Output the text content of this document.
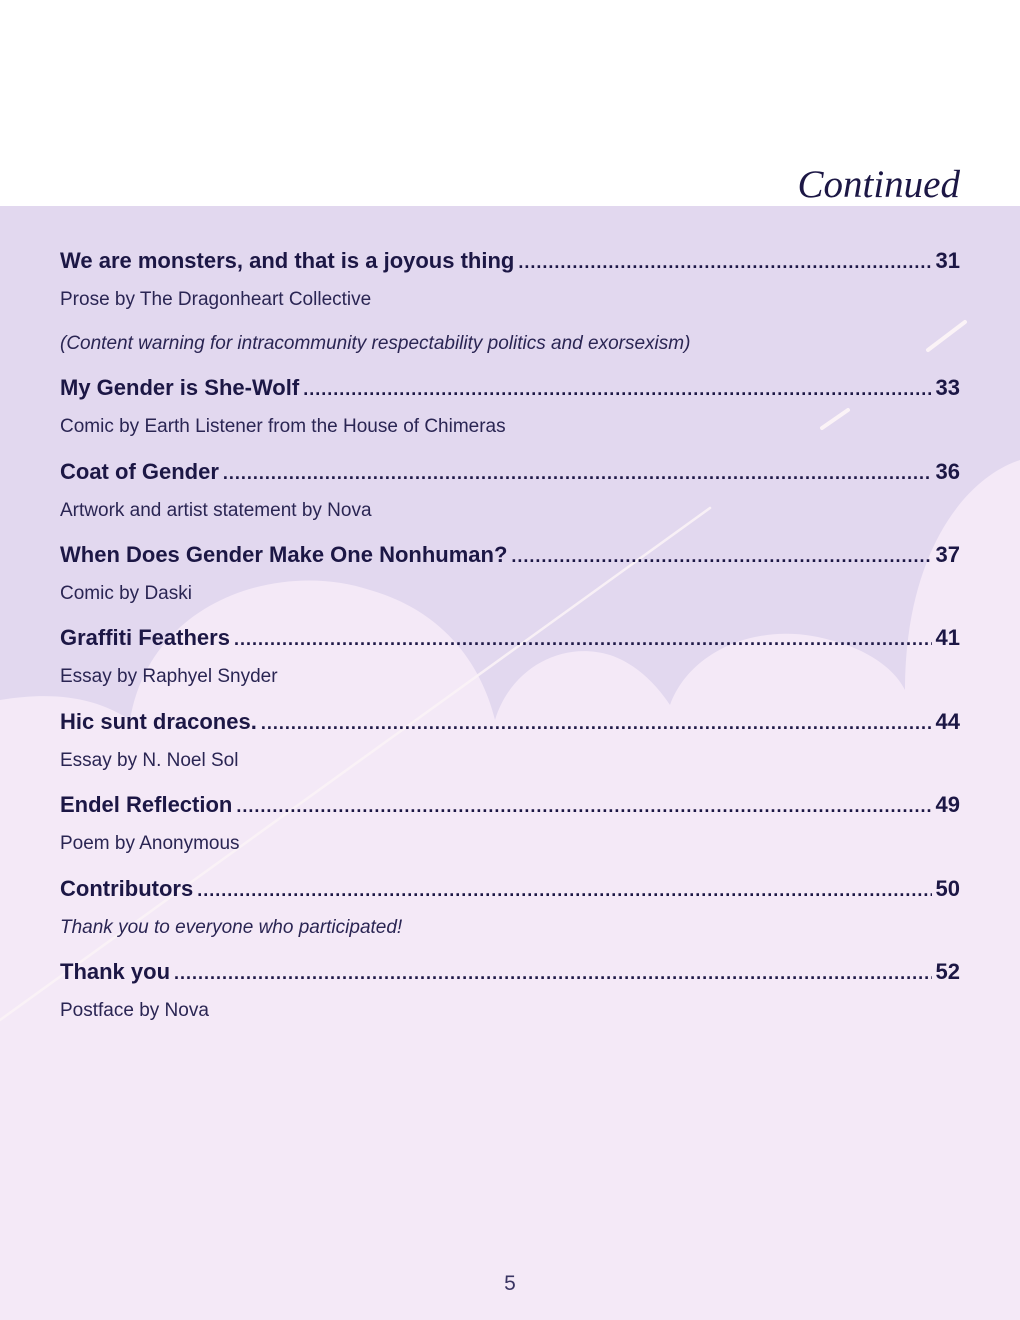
Continued
We are monsters, and that is a joyous thing .....	31
Prose by The Dragonheart Collective
(Content warning for intracommunity respectability politics and exorsexism)
My Gender is She-Wolf .....	33
Comic by Earth Listener from the House of Chimeras
Coat of Gender .....	36
Artwork and artist statement by Nova
When Does Gender Make One Nonhuman? .....	37
Comic by Daski
Graffiti Feathers .....	41
Essay by Raphyel Snyder
Hic sunt dracones. .....	44
Essay by N. Noel Sol
Endel Reflection .....	49
Poem by Anonymous
Contributors .....	50
Thank you to everyone who participated!
Thank you .....	52
Postface by Nova
5
